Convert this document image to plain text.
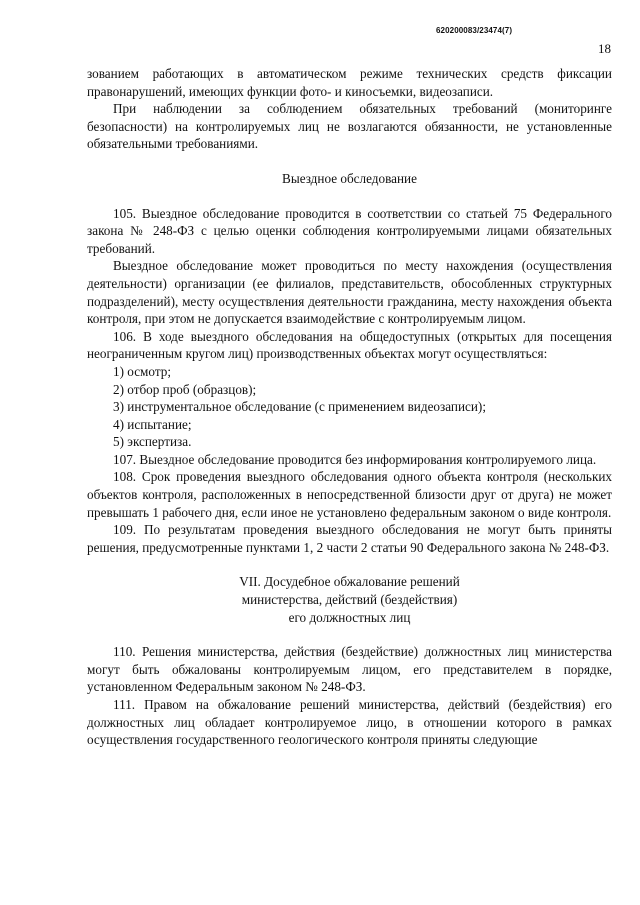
620200083/23474(7)
18

зованием работающих в автоматическом режиме технических средств фиксации правонарушений, имеющих функции фото- и киносъемки, видеозаписи.

При наблюдении за соблюдением обязательных требований (мониторинге безопасности) на контролируемых лиц не возлагаются обязанности, не установленные обязательными требованиями.

Выездное обследование

105. Выездное обследование проводится в соответствии со статьей 75 Федерального закона № 248-ФЗ с целью оценки соблюдения контролируемыми лицами обязательных требований.

Выездное обследование может проводиться по месту нахождения (осуществления деятельности) организации (ее филиалов, представительств, обособленных структурных подразделений), месту осуществления деятельности гражданина, месту нахождения объекта контроля, при этом не допускается взаимодействие с контролируемым лицом.

106. В ходе выездного обследования на общедоступных (открытых для посещения неограниченным кругом лиц) производственных объектах могут осуществляться:

1) осмотр;

2) отбор проб (образцов);

3) инструментальное обследование (с применением видеозаписи);

4) испытание;

5) экспертиза.

107. Выездное обследование проводится без информирования контролируемого лица.

108. Срок проведения выездного обследования одного объекта контроля (нескольких объектов контроля, расположенных в непосредственной близости друг от друга) не может превышать 1 рабочего дня, если иное не установлено федеральным законом о виде контроля.

109. По результатам проведения выездного обследования не могут быть приняты решения, предусмотренные пунктами 1, 2 части 2 статьи 90 Федерального закона № 248-ФЗ.

VII. Досудебное обжалование решений

министерства, действий (бездействия)

его должностных лиц

110. Решения министерства, действия (бездействие) должностных лиц министерства могут быть обжалованы контролируемым лицом, его представителем в порядке, установленном Федеральным законом № 248-ФЗ.

111. Правом на обжалование решений министерства, действий (бездействия) его должностных лиц обладает контролируемое лицо, в отношении которого в рамках осуществления государственного геологического контроля приняты следующие
